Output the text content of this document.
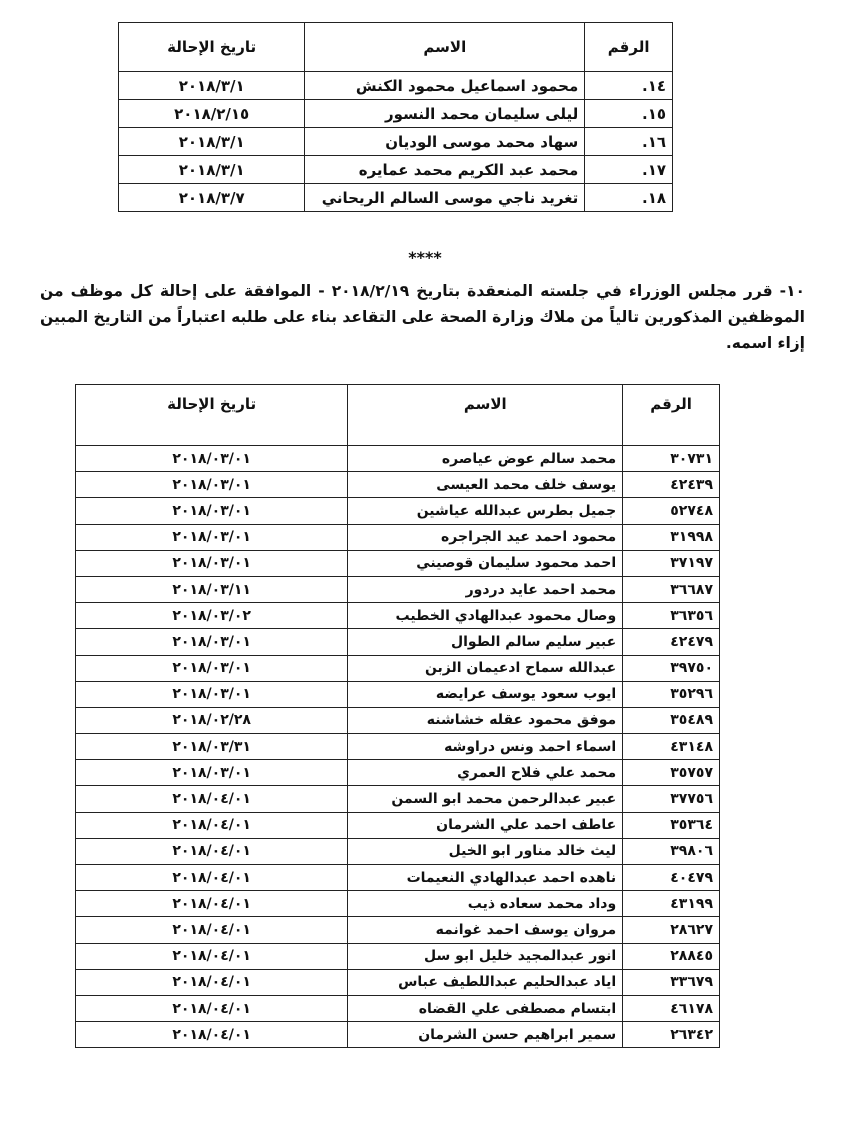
الرقم	الاسم	تاريخ الإحالة
١٤.	محمود اسماعيل محمود الكنش	٢٠١٨/٣/١
١٥.	ليلى سليمان محمد النسور	٢٠١٨/٢/١٥
١٦.	سهاد محمد موسى الوديان	٢٠١٨/٣/١
١٧.	محمد عبد الكريم محمد عمايره	٢٠١٨/٣/١
١٨.	تغريد ناجي موسى السالم الريحاني	٢٠١٨/٣/٧
****
١٠- قرر مجلس الوزراء في جلسته المنعقدة بتاريخ ٢٠١٨/٢/١٩ - الموافقة على إحالة كل موظف من الموظفين المذكورين تالياً من ملاك وزارة الصحة على التقاعد بناء على طلبه اعتباراً من التاريخ المبين إزاء اسمه.
الرقم	الاسم	تاريخ الإحالة
٣٠٧٣١	محمد سالم عوض عياصره	٢٠١٨/٠٣/٠١
٤٢٤٣٩	يوسف خلف محمد العيسى	٢٠١٨/٠٣/٠١
٥٢٧٤٨	جميل بطرس عبدالله عياشين	٢٠١٨/٠٣/٠١
٣١٩٩٨	محمود احمد عيد الجراجره	٢٠١٨/٠٣/٠١
٣٧١٩٧	احمد محمود سليمان قوصيني	٢٠١٨/٠٣/٠١
٣٦٦٨٧	محمد احمد عايد دردور	٢٠١٨/٠٣/١١
٣٦٣٥٦	وصال محمود عبدالهادي الخطيب	٢٠١٨/٠٣/٠٢
٤٢٤٧٩	عبير سليم سالم الطوال	٢٠١٨/٠٣/٠١
٣٩٧٥٠	عبدالله سماح ادعيمان الزبن	٢٠١٨/٠٣/٠١
٣٥٢٩٦	ايوب سعود يوسف عرايضه	٢٠١٨/٠٣/٠١
٣٥٤٨٩	موفق محمود عقله خشاشنه	٢٠١٨/٠٢/٢٨
٤٣١٤٨	اسماء احمد ونس دراوشه	٢٠١٨/٠٣/٣١
٣٥٧٥٧	محمد علي فلاح العمري	٢٠١٨/٠٣/٠١
٣٧٧٥٦	عبير عبدالرحمن محمد ابو السمن	٢٠١٨/٠٤/٠١
٣٥٣٦٤	عاطف احمد علي الشرمان	٢٠١٨/٠٤/٠١
٣٩٨٠٦	ليث خالد مناور ابو الخيل	٢٠١٨/٠٤/٠١
٤٠٤٧٩	ناهده احمد عبدالهادي النعيمات	٢٠١٨/٠٤/٠١
٤٣١٩٩	وداد محمد سعاده ذيب	٢٠١٨/٠٤/٠١
٢٨٦٢٧	مروان يوسف احمد غوانمه	٢٠١٨/٠٤/٠١
٢٨٨٤٥	انور عبدالمجيد خليل ابو سل	٢٠١٨/٠٤/٠١
٣٣٦٧٩	اياد عبدالحليم عبداللطيف عباس	٢٠١٨/٠٤/٠١
٤٦١٧٨	ابتسام مصطفى علي القضاه	٢٠١٨/٠٤/٠١
٢٦٣٤٢	سمير ابراهيم حسن الشرمان	٢٠١٨/٠٤/٠١
